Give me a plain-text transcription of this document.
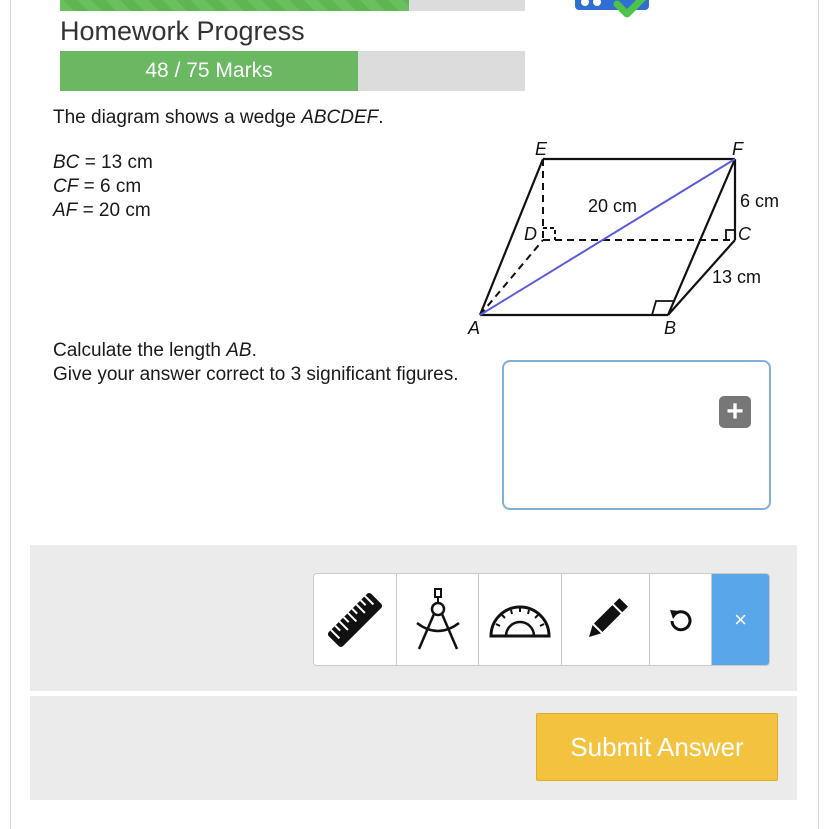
Homework Progress
48 / 75 Marks
The diagram shows a wedge ABCDEF.
BC = 13 cm
CF = 6 cm
AF = 20 cm
E	F
D	C
A	B
20 cm	6 cm
13 cm
Calculate the length AB.
Give your answer correct to 3 significant figures.
+
×
Submit Answer
